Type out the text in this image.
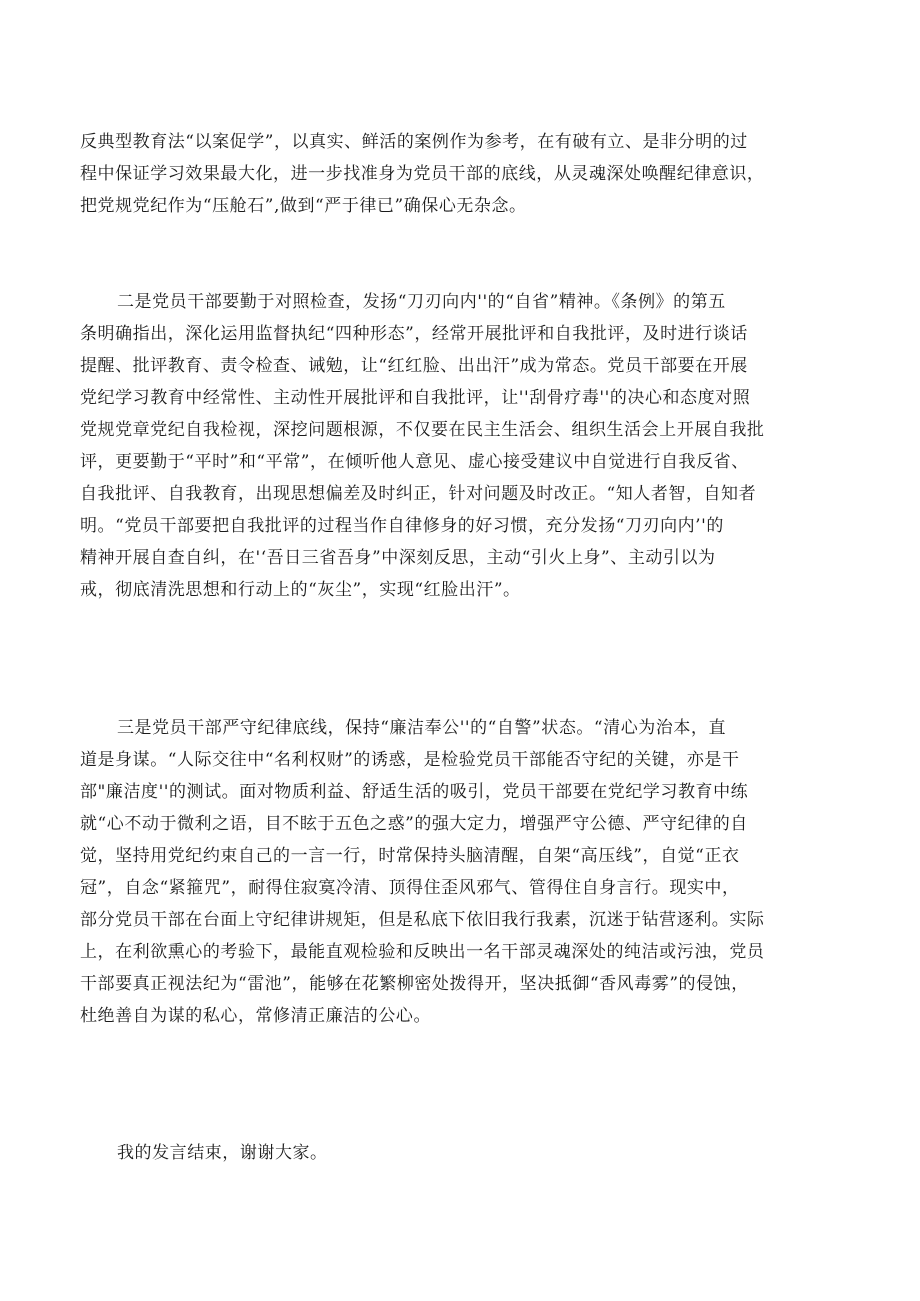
反典型教育法“以案促学”，以真实、鲜活的案例作为参考，在有破有立、是非分明的过
程中保证学习效果最大化，进一步找准身为党员干部的底线，从灵魂深处唤醒纪律意识，
把党规党纪作为“压舱石”,做到“严于律已”确保心无杂念。
二是党员干部要勤于对照检查，发扬“刀刃向内''的“自省”精神。《条例》的第五
条明确指出，深化运用监督执纪“四种形态”，经常开展批评和自我批评，及时进行谈话
提醒、批评教育、责令检查、诫勉，让“红红脸、出出汗”成为常态。党员干部要在开展
党纪学习教育中经常性、主动性开展批评和自我批评，让''刮骨疗毒''的决心和态度对照
党规党章党纪自我检视，深挖问题根源，不仅要在民主生活会、组织生活会上开展自我批
评，更要勤于“平时”和“平常”，在倾听他人意见、虚心接受建议中自觉进行自我反省、
自我批评、自我教育，出现思想偏差及时纠正，针对问题及时改正。“知人者智，自知者
明。“党员干部要把自我批评的过程当作自律修身的好习惯，充分发扬“刀刃向内’'的
精神开展自查自纠，在'‘吾日三省吾身”中深刻反思，主动“引火上身”、主动引以为
戒，彻底清洗思想和行动上的“灰尘”，实现“红脸出汗”。
三是党员干部严守纪律底线，保持“廉洁奉公''的“自警”状态。“清心为治本，直
道是身谋。“人际交往中“名利权财”的诱惑，是检验党员干部能否守纪的关键，亦是干
部"廉洁度''的测试。面对物质利益、舒适生活的吸引，党员干部要在党纪学习教育中练
就“心不动于微利之语，目不眩于五色之惑”的强大定力，增强严守公德、严守纪律的自
觉，坚持用党纪约束自己的一言一行，时常保持头脑清醒，自架“高压线”，自觉“正衣
冠”，自念“紧箍咒”，耐得住寂寞冷清、顶得住歪风邪气、管得住自身言行。现实中，
部分党员干部在台面上守纪律讲规矩，但是私底下依旧我行我素，沉迷于钻营逐利。实际
上，在利欲熏心的考验下，最能直观检验和反映出一名干部灵魂深处的纯洁或污浊，党员
干部要真正视法纪为“雷池”，能够在花繁柳密处拨得开，坚决抵御“香风毒雾”的侵蚀，
杜绝善自为谋的私心，常修清正廉洁的公心。
我的发言结束，谢谢大家。
